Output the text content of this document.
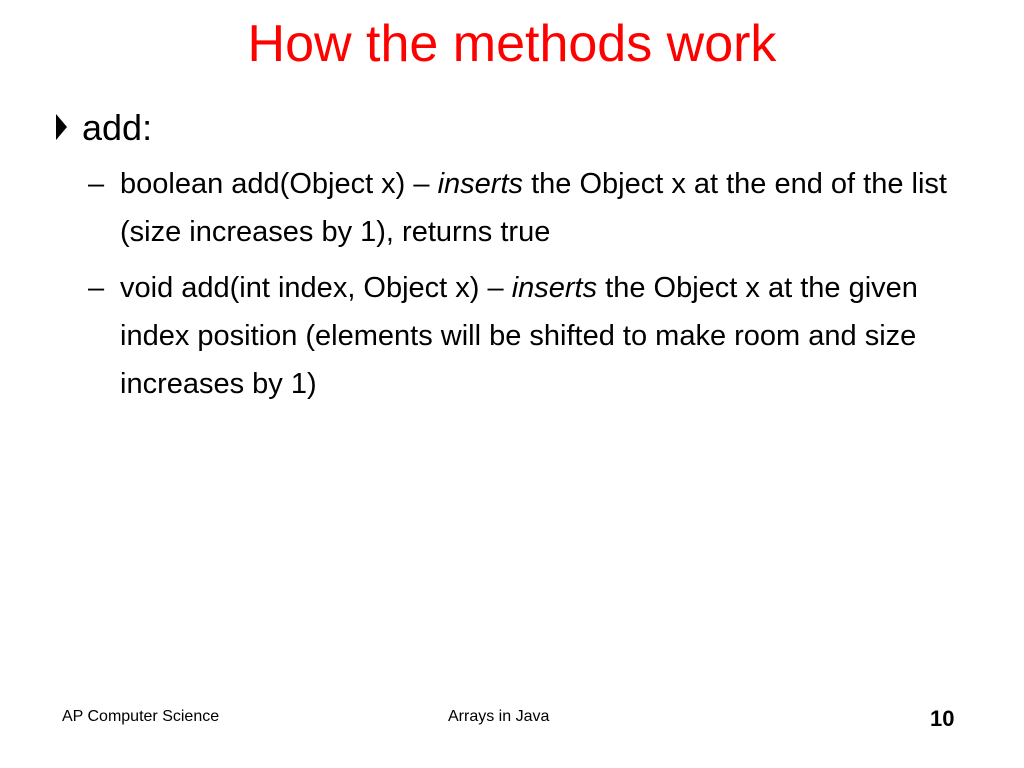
How the methods work
add:
– boolean add(Object x) – inserts the Object x at the end of the list (size increases by 1), returns true
– void add(int index, Object x) – inserts the Object x at the given index position (elements will be shifted to make room and size increases by 1)
AP Computer Science	Arrays in Java	10
